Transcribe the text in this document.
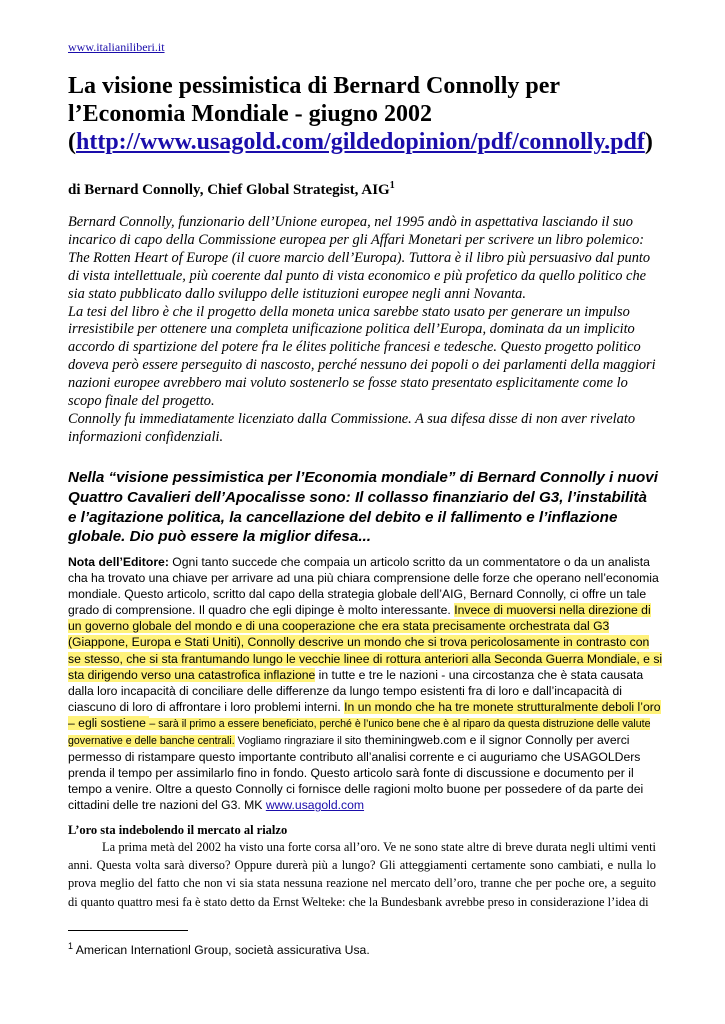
www.italianiliberi.it
La visione pessimistica di Bernard Connolly per l’Economia Mondiale - giugno 2002
(http://www.usagold.com/gildedopinion/pdf/connolly.pdf)
di Bernard Connolly, Chief Global Strategist, AIG$^1$

Bernard Connolly, funzionario dell’Unione europea, nel 1995 andò in aspettativa lasciando il suo incarico di capo della Commissione europea per gli Affari Monetari per scrivere un libro polemico: The Rotten Heart of Europe (il cuore marcio dell’Europa). Tuttora è il libro più persuasivo dal punto di vista intellettuale, più coerente dal punto di vista economico e più profetico da quello politico che sia stato pubblicato dallo sviluppo delle istituzioni europee negli anni Novanta.

La tesi del libro è che il progetto della moneta unica sarebbe stato usato per generare un impulso irresistibile per ottenere una completa unificazione politica dell’Europa, dominata da un implicito accordo di spartizione del potere fra le élites politiche francesi e tedesche. Questo progetto politico doveva però essere perseguito di nascosto, perché nessuno dei popoli o dei parlamenti della maggiori nazioni europee avrebbero mai voluto sostenerlo se fosse stato presentato esplicitamente come lo scopo finale del progetto.

Connolly fu immediatamente licenziato dalla Commissione. A sua difesa disse di non aver rivelato informazioni confidenziali.

Nella “visione pessimistica per l’Economia mondiale” di Bernard Connolly i nuovi Quattro Cavalieri dell’Apocalisse sono: Il collasso finanziario del G3, l’instabilità e l’agitazione politica, la cancellazione del debito e il fallimento e l’inflazione globale. Dio può essere la miglior difesa...

Nota dell’Editore: Ogni tanto succede che compaia un articolo scritto da un commentatore o da un analista cha ha trovato una chiave per arrivare ad una più chiara comprensione delle forze che operano nell’economia mondiale. Questo articolo, scritto dal capo della strategia globale dell’AIG, Bernard Connolly, ci offre un tale grado di comprensione. Il quadro che egli dipinge è molto interessante. Invece di muoversi nella direzione di un governo globale del mondo e di una cooperazione che era stata precisamente orchestrata dal G3 (Giappone, Europa e Stati Uniti), Connolly descrive un mondo che si trova pericolosamente in contrasto con se stesso, che si sta frantumando lungo le vecchie linee di rottura anteriori alla Seconda Guerra Mondiale, e si sta dirigendo verso una catastrofica inflazione in tutte e tre le nazioni - una circostanza che è stata causata dalla loro incapacità di conciliare delle differenze da lungo tempo esistenti fra di loro e dall’incapacità di ciascuno di loro di affrontare i loro problemi interni. In un mondo che ha tre monete strutturalmente deboli l’oro – egli sostiene – sarà il primo a essere beneficiato, perché è l’unico bene che è al riparo da questa distruzione delle valute governative e delle banche centrali. Vogliamo ringraziare il sito theminingweb.com e il signor Connolly per averci permesso di ristampare questo importante contributo all’analisi corrente e ci auguriamo che USAGOLDers prenda il tempo per assimilarlo fino in fondo. Questo articolo sarà fonte di discussione e documento per il tempo a venire. Oltre a questo Connolly ci fornisce delle ragioni molto buone per possedere of da parte dei cittadini delle tre nazioni del G3. MK www.usagold.com

L’oro sta indebolendo il mercato al rialzo

La prima metà del 2002 ha visto una forte corsa all’oro. Ve ne sono state altre di breve durata negli ultimi venti anni. Questa volta sarà diverso? Oppure durerà più a lungo? Gli atteggiamenti certamente sono cambiati, e nulla lo prova meglio del fatto che non vi sia stata nessuna reazione nel mercato dell’oro, tranne che per poche ore, a seguito di quanto quattro mesi fa è stato detto da Ernst Welteke: che la Bundesbank avrebbe preso in considerazione l’idea di

$^1$ American Internationl Group, società assicurativa Usa.
